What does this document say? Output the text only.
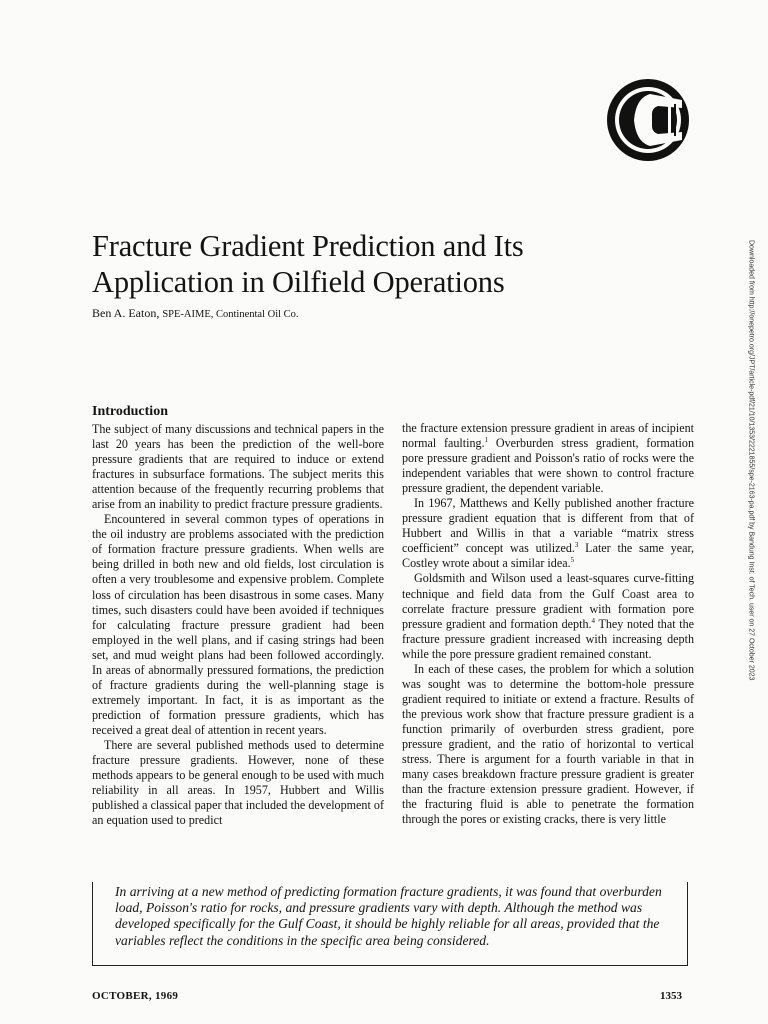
Fracture Gradient Prediction and Its Application in Oilfield Operations
Ben A. Eaton, SPE-AIME, Continental Oil Co.	Downloaded from http://onepetro.org/JPT/article-pdf/21/10/1353/2221855/spe-2163-pa.pdf by Bandung Inst. of Tech. user on 27 October 2023
Introduction

The subject of many discussions and technical papers in the last 20 years has been the prediction of the well-bore pressure gradients that are required to induce or extend fractures in subsurface formations. The subject merits this attention because of the frequently recurring problems that arise from an inability to predict fracture pressure gradients.

Encountered in several common types of operations in the oil industry are problems associated with the prediction of formation fracture pressure gradients. When wells are being drilled in both new and old fields, lost circulation is often a very troublesome and expensive problem. Complete loss of circulation has been disastrous in some cases. Many times, such disasters could have been avoided if techniques for calculating fracture pressure gradient had been employed in the well plans, and if casing strings had been set, and mud weight plans had been followed accordingly. In areas of abnormally pressured formations, the prediction of fracture gradients during the well-planning stage is extremely important. In fact, it is as important as the prediction of formation pressure gradients, which has received a great deal of attention in recent years.

There are several published methods used to determine fracture pressure gradients. However, none of these methods appears to be general enough to be used with much reliability in all areas. In 1957, Hubbert and Willis published a classical paper that included the development of an equation used to predict

the fracture extension pressure gradient in areas of incipient normal faulting.$^1$ Overburden stress gradient, formation pore pressure gradient and Poisson's ratio of rocks were the independent variables that were shown to control fracture pressure gradient, the dependent variable.

In 1967, Matthews and Kelly published another fracture pressure gradient equation that is different from that of Hubbert and Willis in that a variable “matrix stress coefficient” concept was utilized.$^3$ Later the same year, Costley wrote about a similar idea.$^5$

Goldsmith and Wilson used a least-squares curve-fitting technique and field data from the Gulf Coast area to correlate fracture pressure gradient with formation pore pressure gradient and formation depth.$^4$ They noted that the fracture pressure gradient increased with increasing depth while the pore pressure gradient remained constant.

In each of these cases, the problem for which a solution was sought was to determine the bottom-hole pressure gradient required to initiate or extend a fracture. Results of the previous work show that fracture pressure gradient is a function primarily of overburden stress gradient, pore pressure gradient, and the ratio of horizontal to vertical stress. There is argument for a fourth variable in that in many cases breakdown fracture pressure gradient is greater than the fracture extension pressure gradient. However, if the fracturing fluid is able to penetrate the formation through the pores or existing cracks, there is very little

In arriving at a new method of predicting formation fracture gradients, it was found that overburden load, Poisson's ratio for rocks, and pressure gradients vary with depth. Although the method was developed specifically for the Gulf Coast, it should be highly reliable for all areas, provided that the variables reflect the conditions in the specific area being considered.

OCTOBER, 1969	1353
